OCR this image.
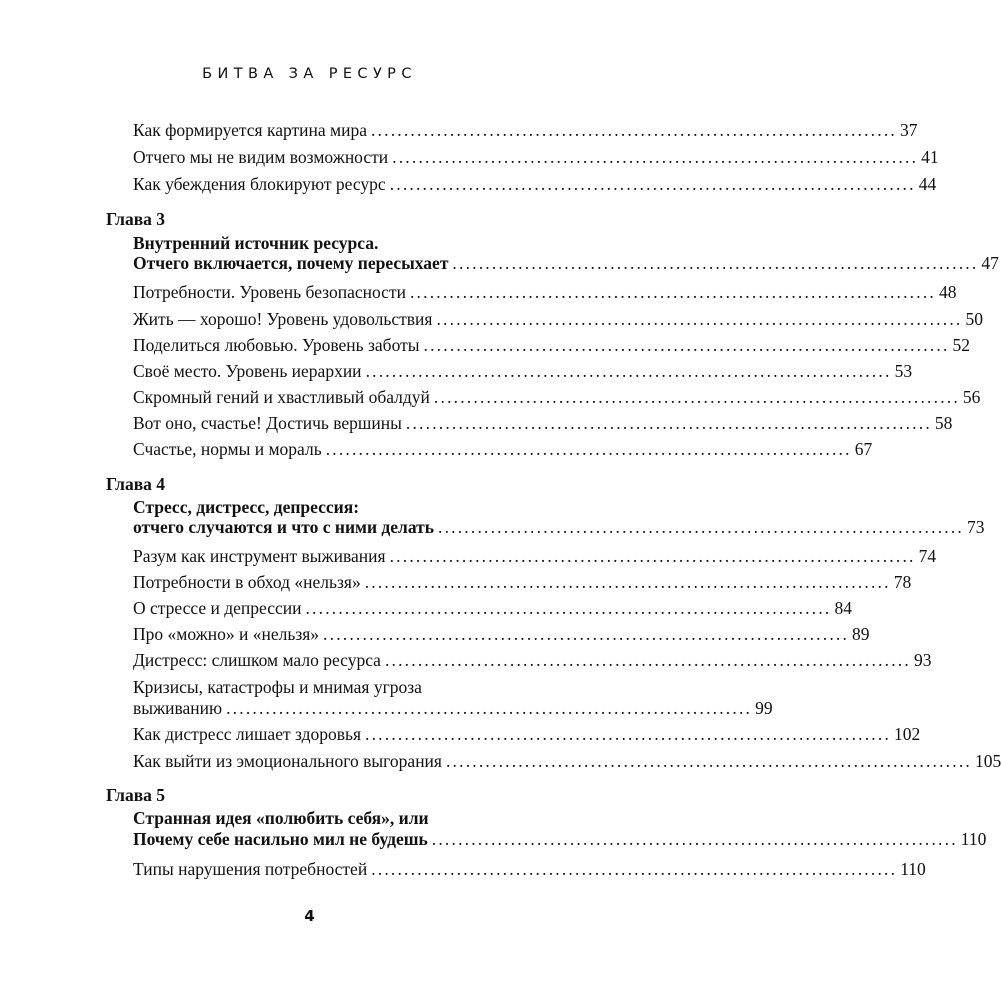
БИТВА ЗА РЕСУРС
Как формируется картина мира ................................................................................ 37
Отчего мы не видим возможности ................................................................................ 41
Как убеждения блокируют ресурс ................................................................................ 44
Глава 3
Внутренний источник ресурса.
Отчего включается, почему пересыхает ................................................................................ 47
Потребности. Уровень безопасности ................................................................................ 48
Жить — хорошо! Уровень удовольствия ................................................................................ 50
Поделиться любовью. Уровень заботы ................................................................................ 52
Своё место. Уровень иерархии ................................................................................ 53
Скромный гений и хвастливый обалдуй ................................................................................ 56
Вот оно, счастье! Достичь вершины ................................................................................ 58
Счастье, нормы и мораль ................................................................................ 67
Глава 4
Стресс, дистресс, депрессия:
отчего случаются и что с ними делать ................................................................................ 73
Разум как инструмент выживания ................................................................................ 74
Потребности в обход «нельзя» ................................................................................ 78
О стрессе и депрессии ................................................................................ 84
Про «можно» и «нельзя» ................................................................................ 89
Дистресс: слишком мало ресурса ................................................................................ 93
Кризисы, катастрофы и мнимая угроза
выживанию ................................................................................ 99
Как дистресс лишает здоровья ................................................................................ 102
Как выйти из эмоционального выгорания ................................................................................ 105
Глава 5
Странная идея «полюбить себя», или
Почему себе насильно мил не будешь ................................................................................ 110
Типы нарушения потребностей ................................................................................ 110
4
